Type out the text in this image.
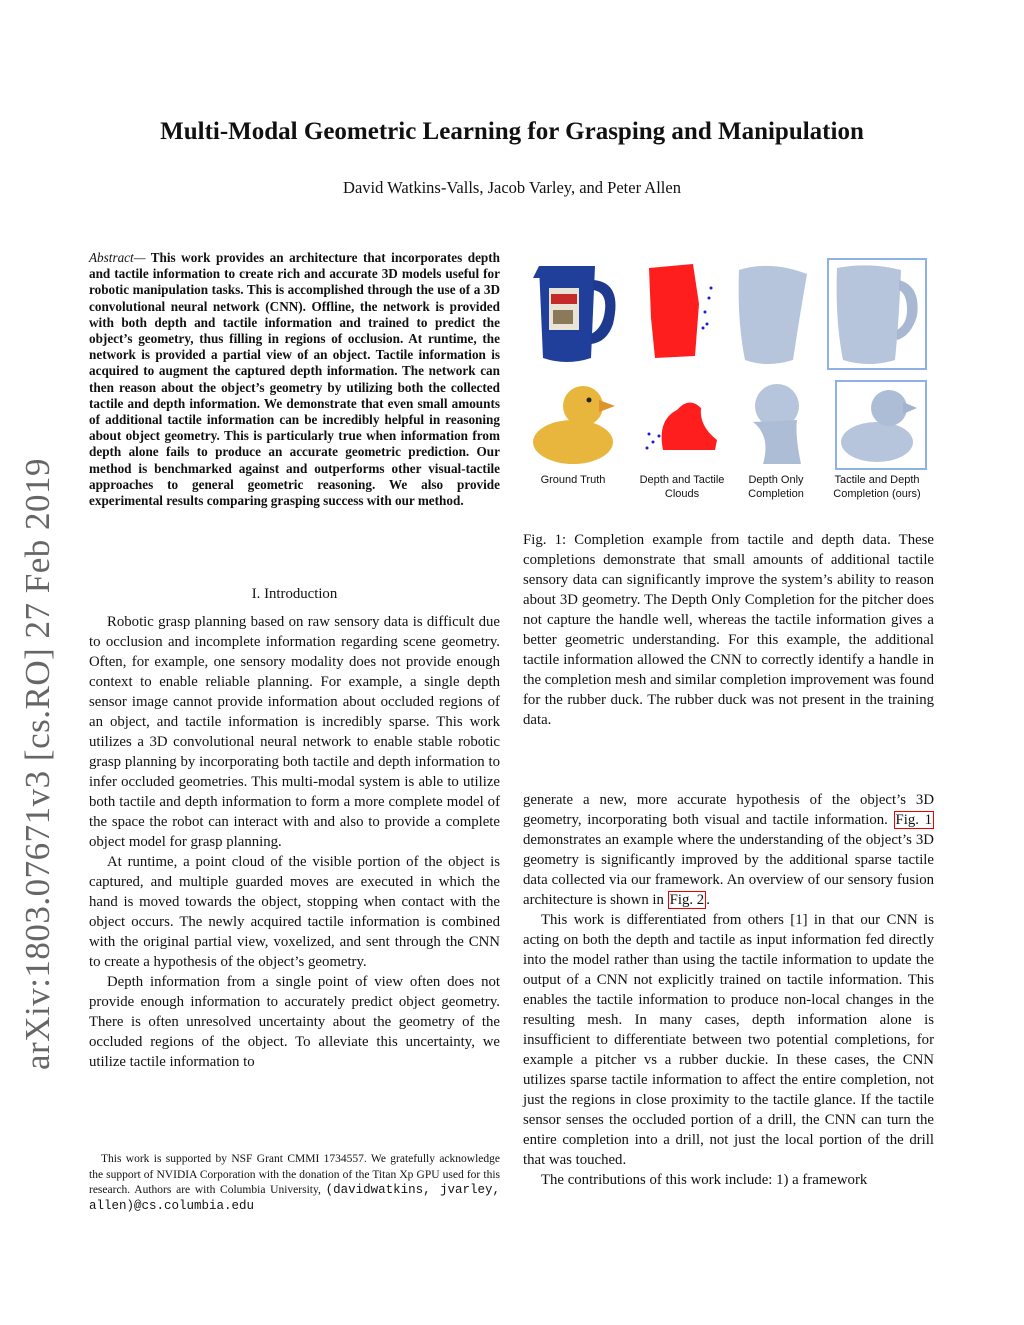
arXiv:1803.07671v3 [cs.RO] 27 Feb 2019
Multi-Modal Geometric Learning for Grasping and Manipulation
David Watkins-Valls, Jacob Varley, and Peter Allen
Abstract— This work provides an architecture that incorporates depth and tactile information to create rich and accurate 3D models useful for robotic manipulation tasks. This is accomplished through the use of a 3D convolutional neural network (CNN). Offline, the network is provided with both depth and tactile information and trained to predict the object’s geometry, thus filling in regions of occlusion. At runtime, the network is provided a partial view of an object. Tactile information is acquired to augment the captured depth information. The network can then reason about the object’s geometry by utilizing both the collected tactile and depth information. We demonstrate that even small amounts of additional tactile information can be incredibly helpful in reasoning about object geometry. This is particularly true when information from depth alone fails to produce an accurate geometric prediction. Our method is benchmarked against and outperforms other visual-tactile approaches to general geometric reasoning. We also provide experimental results comparing grasping success with our method.
I. Introduction

Robotic grasp planning based on raw sensory data is difficult due to occlusion and incomplete information regarding scene geometry. Often, for example, one sensory modality does not provide enough context to enable reliable planning. For example, a single depth sensor image cannot provide information about occluded regions of an object, and tactile information is incredibly sparse. This work utilizes a 3D convolutional neural network to enable stable robotic grasp planning by incorporating both tactile and depth information to infer occluded geometries. This multi-modal system is able to utilize both tactile and depth information to form a more complete model of the space the robot can interact with and also to provide a complete object model for grasp planning.

At runtime, a point cloud of the visible portion of the object is captured, and multiple guarded moves are executed in which the hand is moved towards the object, stopping when contact with the object occurs. The newly acquired tactile information is combined with the original partial view, voxelized, and sent through the CNN to create a hypothesis of the object’s geometry.

Depth information from a single point of view often does not provide enough information to accurately predict object geometry. There is often unresolved uncertainty about the geometry of the occluded regions of the object. To alleviate this uncertainty, we utilize tactile information to

This work is supported by NSF Grant CMMI 1734557. We gratefully acknowledge the support of NVIDIA Corporation with the donation of the Titan Xp GPU used for this research. Authors are with Columbia University, (davidwatkins, jvarley, allen)@cs.columbia.edu
Ground Truth	Depth and Tactile Clouds
Depth Only Completion
Tactile and Depth Completion (ours)
Fig. 1: Completion example from tactile and depth data. These completions demonstrate that small amounts of additional tactile sensory data can significantly improve the system’s ability to reason about 3D geometry. The Depth Only Completion for the pitcher does not capture the handle well, whereas the tactile information gives a better geometric understanding. For this example, the additional tactile information allowed the CNN to correctly identify a handle in the completion mesh and similar completion improvement was found for the rubber duck. The rubber duck was not present in the training data.

generate a new, more accurate hypothesis of the object’s 3D geometry, incorporating both visual and tactile information. Fig. 1 demonstrates an example where the understanding of the object’s 3D geometry is significantly improved by the additional sparse tactile data collected via our framework. An overview of our sensory fusion architecture is shown in Fig. 2 .

This work is differentiated from others [1] in that our CNN is acting on both the depth and tactile as input information fed directly into the model rather than using the tactile information to update the output of a CNN not explicitly trained on tactile information. This enables the tactile information to produce non-local changes in the resulting mesh. In many cases, depth information alone is insufficient to differentiate between two potential completions, for example a pitcher vs a rubber duckie. In these cases, the CNN utilizes sparse tactile information to affect the entire completion, not just the regions in close proximity to the tactile glance. If the tactile sensor senses the occluded portion of a drill, the CNN can turn the entire completion into a drill, not just the local portion of the drill that was touched.

The contributions of this work include: 1) a framework
